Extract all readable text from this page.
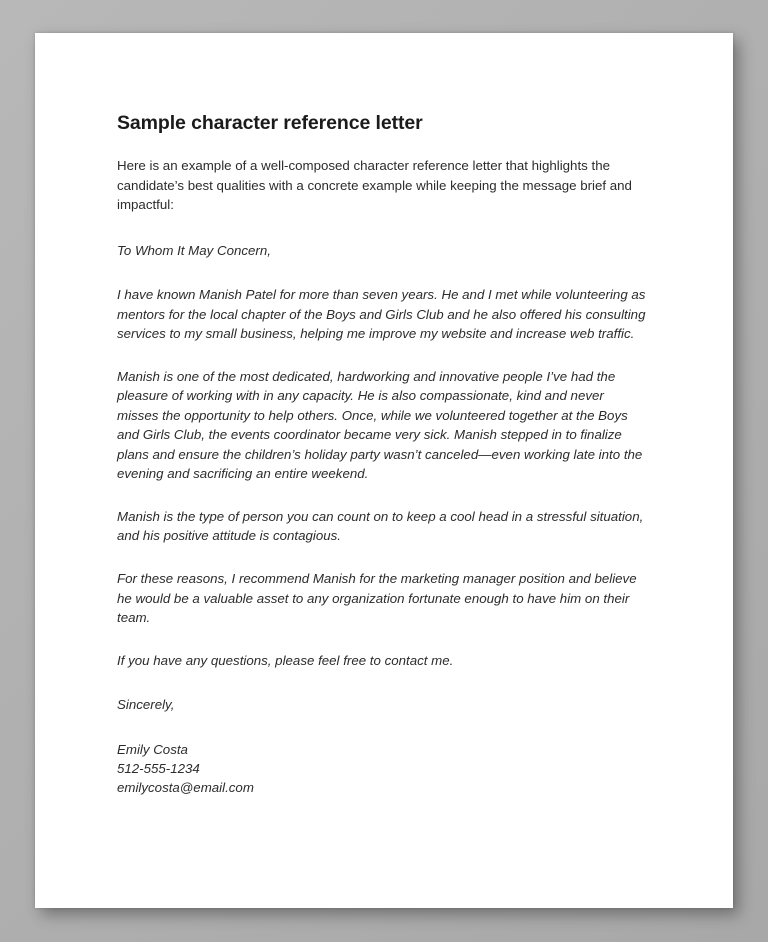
Sample character reference letter

Here is an example of a well-composed character reference letter that highlights the candidate’s best qualities with a concrete example while keeping the message brief and impactful:

To Whom It May Concern,

I have known Manish Patel for more than seven years. He and I met while volunteering as mentors for the local chapter of the Boys and Girls Club and he also offered his consulting services to my small business, helping me improve my website and increase web traffic.

Manish is one of the most dedicated, hardworking and innovative people I’ve had the pleasure of working with in any capacity. He is also compassionate, kind and never misses the opportunity to help others. Once, while we volunteered together at the Boys and Girls Club, the events coordinator became very sick. Manish stepped in to finalize plans and ensure the children’s holiday party wasn’t canceled—even working late into the evening and sacrificing an entire weekend.

Manish is the type of person you can count on to keep a cool head in a stressful situation, and his positive attitude is contagious.

For these reasons, I recommend Manish for the marketing manager position and believe he would be a valuable asset to any organization fortunate enough to have him on their team.

If you have any questions, please feel free to contact me.

Sincerely,

Emily Costa
512-555-1234
emilycosta@email.com
